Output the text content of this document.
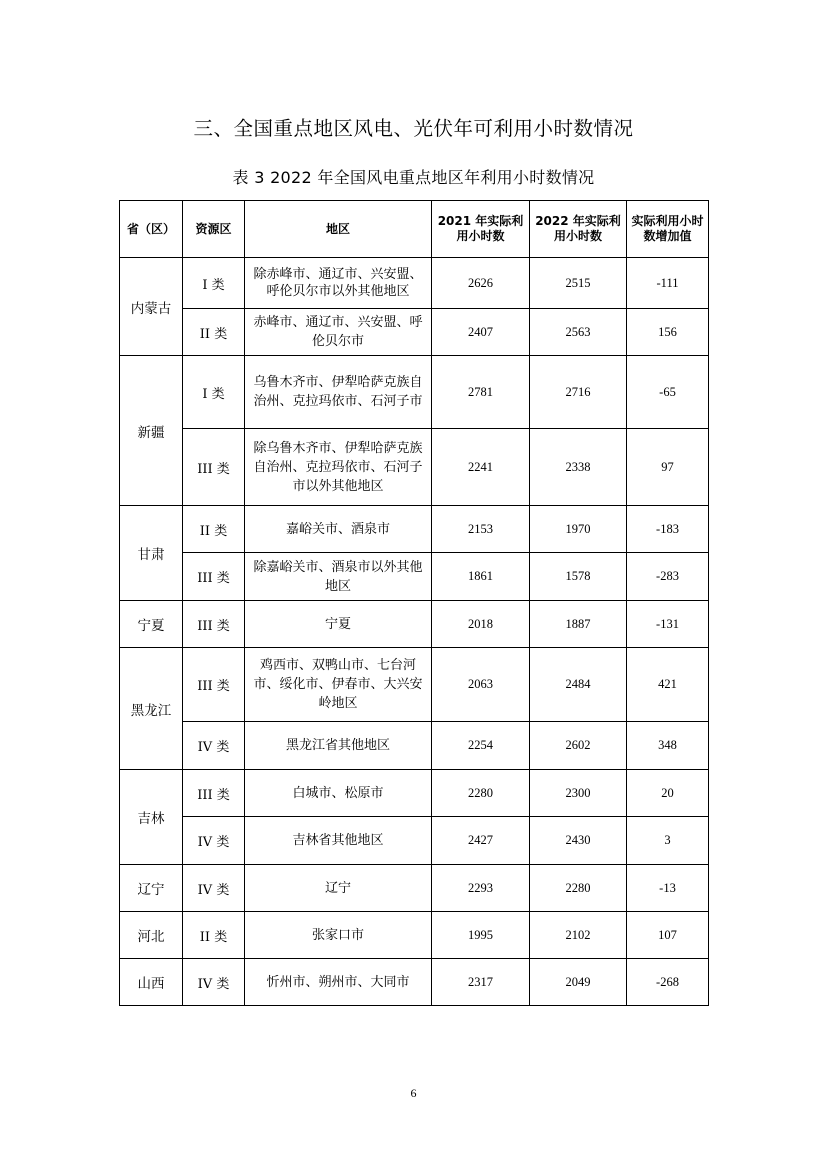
三、全国重点地区风电、光伏年可利用小时数情况
表 3 2022 年全国风电重点地区年利用小时数情况
省（区）	资源区	地区	2021 年实际利用小时数	2022 年实际利用小时数	实际利用小时数增加值
内蒙古	I 类	除赤峰市、通辽市、兴安盟、呼伦贝尔市以外其他地区	2626	2515	-111
	II 类	赤峰市、通辽市、兴安盟、呼伦贝尔市	2407	2563	156
新疆	I 类	乌鲁木齐市、伊犁哈萨克族自治州、克拉玛依市、石河子市	2781	2716	-65
	III 类	除乌鲁木齐市、伊犁哈萨克族自治州、克拉玛依市、石河子市以外其他地区	2241	2338	97
甘肃	II 类	嘉峪关市、酒泉市	2153	1970	-183
	III 类	除嘉峪关市、酒泉市以外其他地区	1861	1578	-283
宁夏	III 类	宁夏	2018	1887	-131
黑龙江	III 类	鸡西市、双鸭山市、七台河市、绥化市、伊春市、大兴安岭地区	2063	2484	421
	IV 类	黑龙江省其他地区	2254	2602	348
吉林	III 类	白城市、松原市	2280	2300	20
	IV 类	吉林省其他地区	2427	2430	3
辽宁	IV 类	辽宁	2293	2280	-13
河北	II 类	张家口市	1995	2102	107
山西	IV 类	忻州市、朔州市、大同市	2317	2049	-268
6
